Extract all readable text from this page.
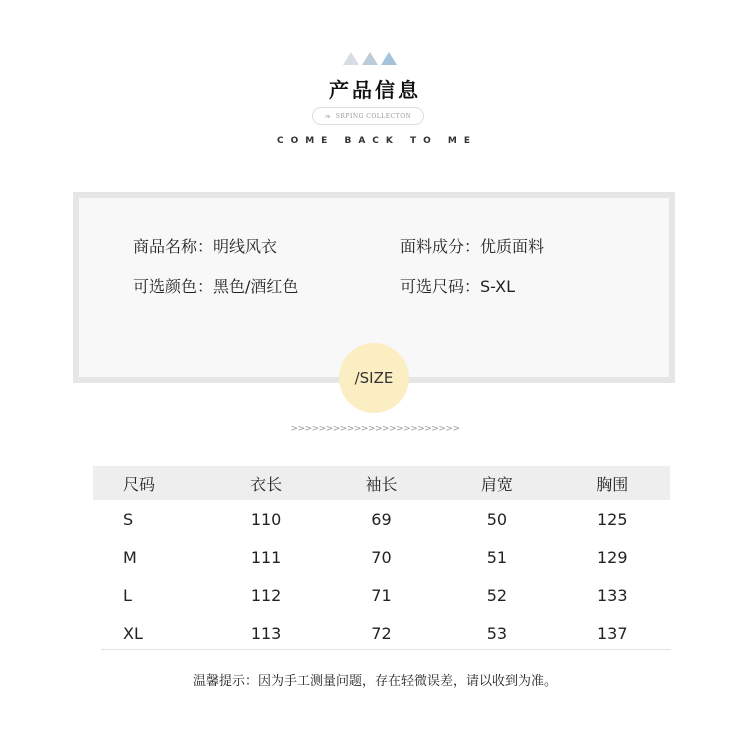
产品信息
❧ SRPING COLLECTON
COME BACK TO ME
商品名称：明线风衣	面料成分：优质面料
可选颜色：黑色/酒红色	可选尺码：S-XL
/SIZE
>>>>>>>>>>>>>>>>>>>>>>>>
尺码	衣长	袖长	肩宽	胸围
S	110	69	50	125
M	111	70	51	129
L	112	71	52	133
XL	113	72	53	137
温馨提示：因为手工测量问题，存在轻微误差，请以收到为准。
